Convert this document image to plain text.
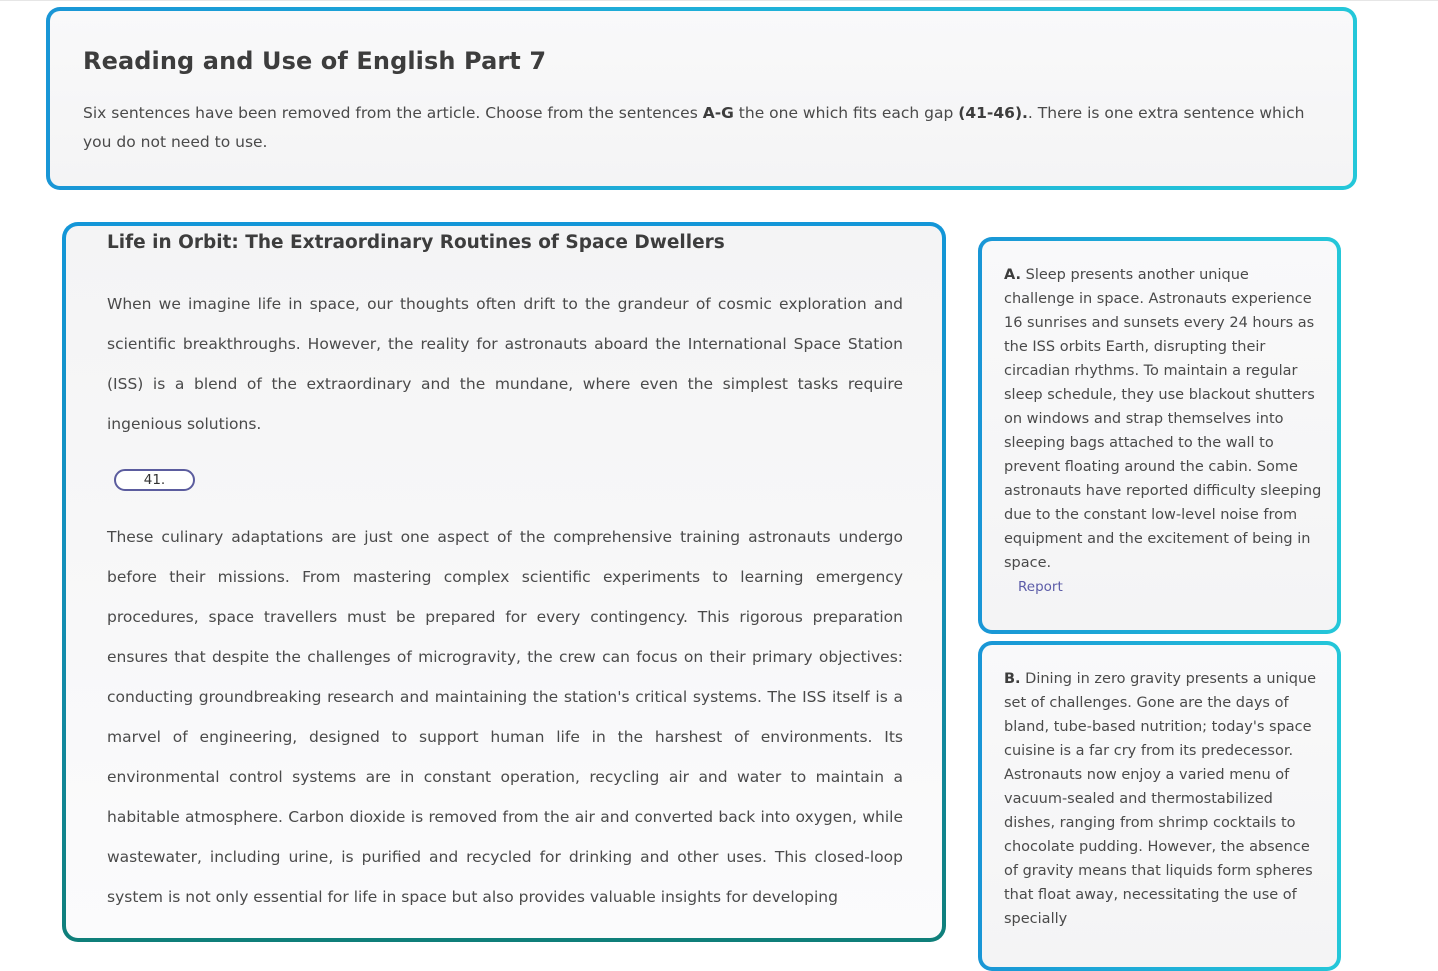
Reading and Use of English Part 7

Six sentences have been removed from the article. Choose from the sentences A-G the one which fits each gap (41-46).. There is one extra sentence which you do not need to use.

Life in Orbit: The Extraordinary Routines of Space Dwellers

When we imagine life in space, our thoughts often drift to the grandeur of cosmic exploration and scientific breakthroughs. However, the reality for astronauts aboard the International Space Station (ISS) is a blend of the extraordinary and the mundane, where even the simplest tasks require ingenious solutions.

41.

These culinary adaptations are just one aspect of the comprehensive training astronauts undergo before their missions. From mastering complex scientific experiments to learning emergency procedures, space travellers must be prepared for every contingency. This rigorous preparation ensures that despite the challenges of microgravity, the crew can focus on their primary objectives: conducting groundbreaking research and maintaining the station's critical systems. The ISS itself is a marvel of engineering, designed to support human life in the harshest of environments. Its environmental control systems are in constant operation, recycling air and water to maintain a habitable atmosphere. Carbon dioxide is removed from the air and converted back into oxygen, while wastewater, including urine, is purified and recycled for drinking and other uses. This closed-loop system is not only essential for life in space but also provides valuable insights for developing

A. Sleep presents another unique challenge in space. Astronauts experience 16 sunrises and sunsets every 24 hours as the ISS orbits Earth, disrupting their circadian rhythms. To maintain a regular sleep schedule, they use blackout shutters on windows and strap themselves into sleeping bags attached to the wall to prevent floating around the cabin. Some astronauts have reported difficulty sleeping due to the constant low-level noise from equipment and the excitement of being in space.

Report

B. Dining in zero gravity presents a unique set of challenges. Gone are the days of bland, tube-based nutrition; today's space cuisine is a far cry from its predecessor. Astronauts now enjoy a varied menu of vacuum-sealed and thermostabilized dishes, ranging from shrimp cocktails to chocolate pudding. However, the absence of gravity means that liquids form spheres that float away, necessitating the use of specially
